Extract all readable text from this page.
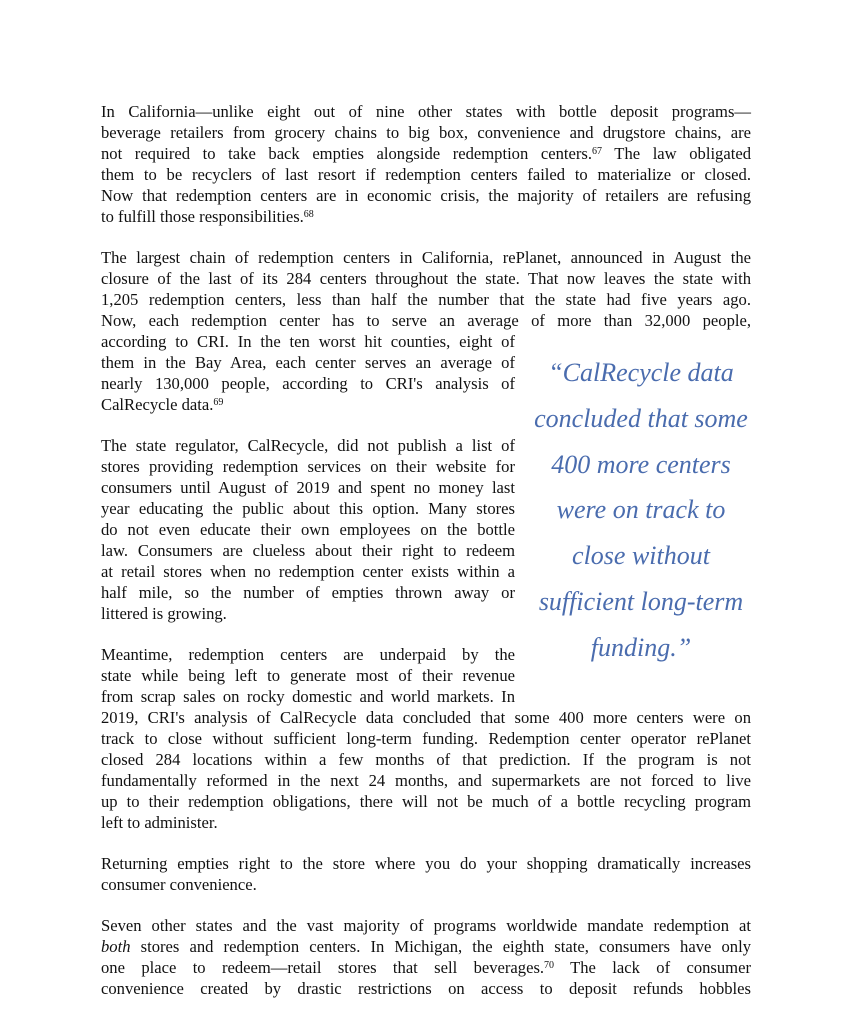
In California—unlike eight out of nine other states with bottle deposit programs—
beverage retailers from grocery chains to big box, convenience and drugstore chains, are
not required to take back empties alongside redemption centers.$^{67}$ The law obligated
them to be recyclers of last resort if redemption centers failed to materialize or closed.
Now that redemption centers are in economic crisis, the majority of retailers are refusing
to fulfill those responsibilities.$^{68}$
The largest chain of redemption centers in California, rePlanet, announced in August the
closure of the last of its 284 centers throughout the state. That now leaves the state with
1,205 redemption centers, less than half the number that the state had five years ago.
Now, each redemption center has to serve an average of more than 32,000 people,
according to CRI. In the ten worst hit counties, eight of
them in the Bay Area, each center serves an average of
nearly 130,000 people, according to CRI's analysis of
CalRecycle data.$^{69}$
The state regulator, CalRecycle, did not publish a list of
stores providing redemption services on their website for
consumers until August of 2019 and spent no money last
year educating the public about this option. Many stores
do not even educate their own employees on the bottle
law. Consumers are clueless about their right to redeem
at retail stores when no redemption center exists within a
half mile, so the number of empties thrown away or
littered is growing.
Meantime, redemption centers are underpaid by the
state while being left to generate most of their revenue
from scrap sales on rocky domestic and world markets. In
2019, CRI's analysis of CalRecycle data concluded that some 400 more centers were on
track to close without sufficient long-term funding. Redemption center operator rePlanet
closed 284 locations within a few months of that prediction. If the program is not
fundamentally reformed in the next 24 months, and supermarkets are not forced to live
up to their redemption obligations, there will not be much of a bottle recycling program
left to administer.
Returning empties right to the store where you do your shopping dramatically increases
consumer convenience.
Seven other states and the vast majority of programs worldwide mandate redemption at
both stores and redemption centers. In Michigan, the eighth state, consumers have only
one place to redeem—retail stores that sell beverages.$^{70}$ The lack of consumer
convenience created by drastic restrictions on access to deposit refunds hobbles
“CalRecycle data
concluded that some
400 more centers
were on track to
close without
sufficient long-term
funding.”
